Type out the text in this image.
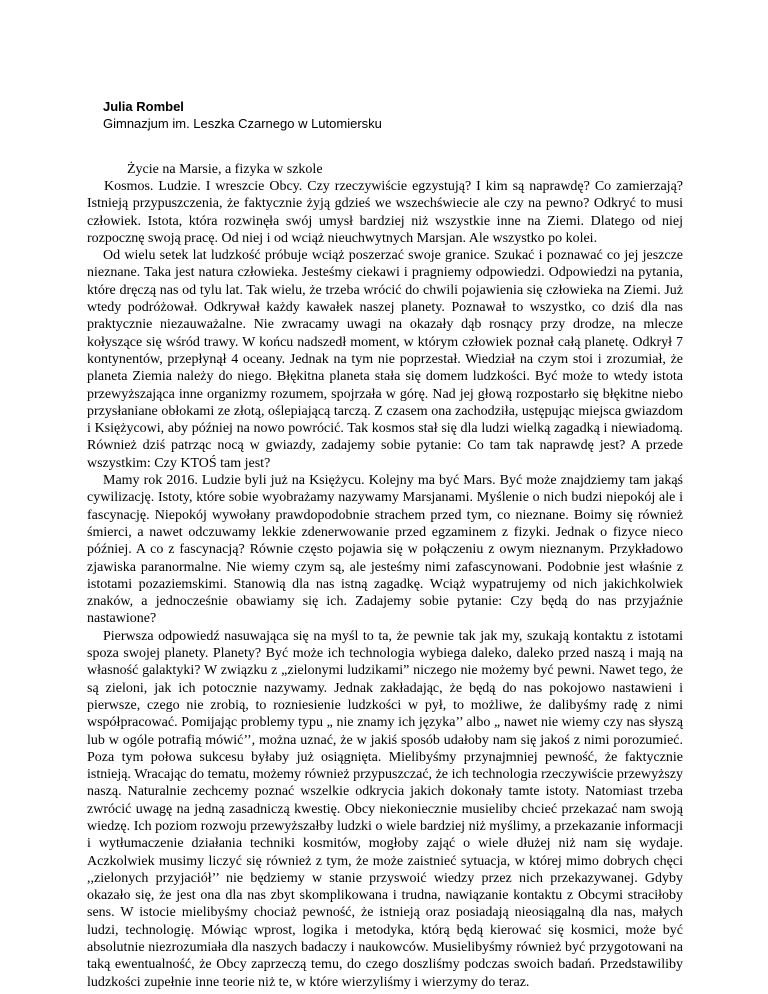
Julia Rombel
Gimnazjum im. Leszka Czarnego w Lutomiersku
Życie na Marsie, a fizyka w szkole

Kosmos. Ludzie. I wreszcie Obcy. Czy rzeczywiście egzystują? I kim są naprawdę? Co zamierzają? Istnieją przypuszczenia, że faktycznie żyją gdzieś we wszechświecie ale czy na pewno? Odkryć to musi człowiek. Istota, która rozwinęła swój umysł bardziej niż wszystkie inne na Ziemi. Dlatego od niej rozpocznę swoją pracę. Od niej i od wciąż nieuchwytnych Marsjan. Ale wszystko po kolei.

Od wielu setek lat ludzkość próbuje wciąż poszerzać swoje granice. Szukać i poznawać co jej jeszcze nieznane. Taka jest natura człowieka. Jesteśmy ciekawi i pragniemy odpowiedzi. Odpowiedzi na pytania, które dręczą nas od tylu lat. Tak wielu, że trzeba wrócić do chwili pojawienia się człowieka na Ziemi. Już wtedy podróżował. Odkrywał każdy kawałek naszej planety. Poznawał to wszystko, co dziś dla nas praktycznie niezauważalne. Nie zwracamy uwagi na okazały dąb rosnący przy drodze, na mlecze kołyszące się wśród trawy. W końcu nadszedł moment, w którym człowiek poznał całą planetę. Odkrył 7 kontynentów, przepłynął 4 oceany. Jednak na tym nie poprzestał. Wiedział na czym stoi i zrozumiał, że planeta Ziemia należy do niego. Błękitna planeta stała się domem ludzkości. Być może to wtedy istota przewyższająca inne organizmy rozumem, spojrzała w górę. Nad jej głową rozpostarło się błękitne niebo przysłaniane obłokami ze złotą, oślepiającą tarczą. Z czasem ona zachodziła, ustępując miejsca gwiazdom i Księżycowi, aby później na nowo powrócić. Tak kosmos stał się dla ludzi wielką zagadką i niewiadomą. Również dziś patrząc nocą w gwiazdy, zadajemy sobie pytanie: Co tam tak naprawdę jest? A przede wszystkim: Czy KTOŚ tam jest?

Mamy rok 2016. Ludzie byli już na Księżycu. Kolejny ma być Mars. Być może znajdziemy tam jakąś cywilizację. Istoty, które sobie wyobrażamy nazywamy Marsjanami. Myślenie o nich budzi niepokój ale i fascynację. Niepokój wywołany prawdopodobnie strachem przed tym, co nieznane. Boimy się również śmierci, a nawet odczuwamy lekkie zdenerwowanie przed egzaminem z fizyki. Jednak o fizyce nieco później. A co z fascynacją? Równie często pojawia się w połączeniu z owym nieznanym. Przykładowo zjawiska paranormalne. Nie wiemy czym są, ale jesteśmy nimi zafascynowani. Podobnie jest właśnie z istotami pozaziemskimi. Stanowią dla nas istną zagadkę. Wciąż wypatrujemy od nich jakichkolwiek znaków, a jednocześnie obawiamy się ich. Zadajemy sobie pytanie: Czy będą do nas przyjaźnie nastawione?

Pierwsza odpowiedź nasuwająca się na myśl to ta, że pewnie tak jak my, szukają kontaktu z istotami spoza swojej planety. Planety? Być może ich technologia wybiega daleko, daleko przed naszą i mają na własność galaktyki? W związku z „zielonymi ludzikami” niczego nie możemy być pewni. Nawet tego, że są zieloni, jak ich potocznie nazywamy. Jednak zakładając, że będą do nas pokojowo nastawieni i pierwsze, czego nie zrobią, to rozniesienie ludzkości w pył, to możliwe, że dalibyśmy radę z nimi współpracować. Pomijając problemy typu „ nie znamy ich języka’’ albo „ nawet nie wiemy czy nas słyszą lub w ogóle potrafią mówić’’, można uznać, że w jakiś sposób udałoby nam się jakoś z nimi porozumieć. Poza tym połowa sukcesu byłaby już osiągnięta. Mielibyśmy przynajmniej pewność, że faktycznie istnieją. Wracając do tematu, możemy również przypuszczać, że ich technologia rzeczywiście przewyższy naszą. Naturalnie zechcemy poznać wszelkie odkrycia jakich dokonały tamte istoty. Natomiast trzeba zwrócić uwagę na jedną zasadniczą kwestię. Obcy niekoniecznie musieliby chcieć przekazać nam swoją wiedzę. Ich poziom rozwoju przewyższałby ludzki o wiele bardziej niż myślimy, a przekazanie informacji i wytłumaczenie działania techniki kosmitów, mogłoby zająć o wiele dłużej niż nam się wydaje. Aczkolwiek musimy liczyć się również z tym, że może zaistnieć sytuacja, w której mimo dobrych chęci ,,zielonych przyjaciół’’ nie będziemy w stanie przyswoić wiedzy przez nich przekazywanej. Gdyby okazało się, że jest ona dla nas zbyt skomplikowana i trudna, nawiązanie kontaktu z Obcymi straciłoby sens. W istocie mielibyśmy chociaż pewność, że istnieją oraz posiadają nieosiągalną dla nas, małych ludzi, technologię. Mówiąc wprost, logika i metodyka, którą będą kierować się kosmici, może być absolutnie niezrozumiała dla naszych badaczy i naukowców. Musielibyśmy również być przygotowani na taką ewentualność, że Obcy zaprzeczą temu, do czego doszliśmy podczas swoich badań. Przedstawiliby ludzkości zupełnie inne teorie niż te, w które wierzyliśmy i wierzymy do teraz.
